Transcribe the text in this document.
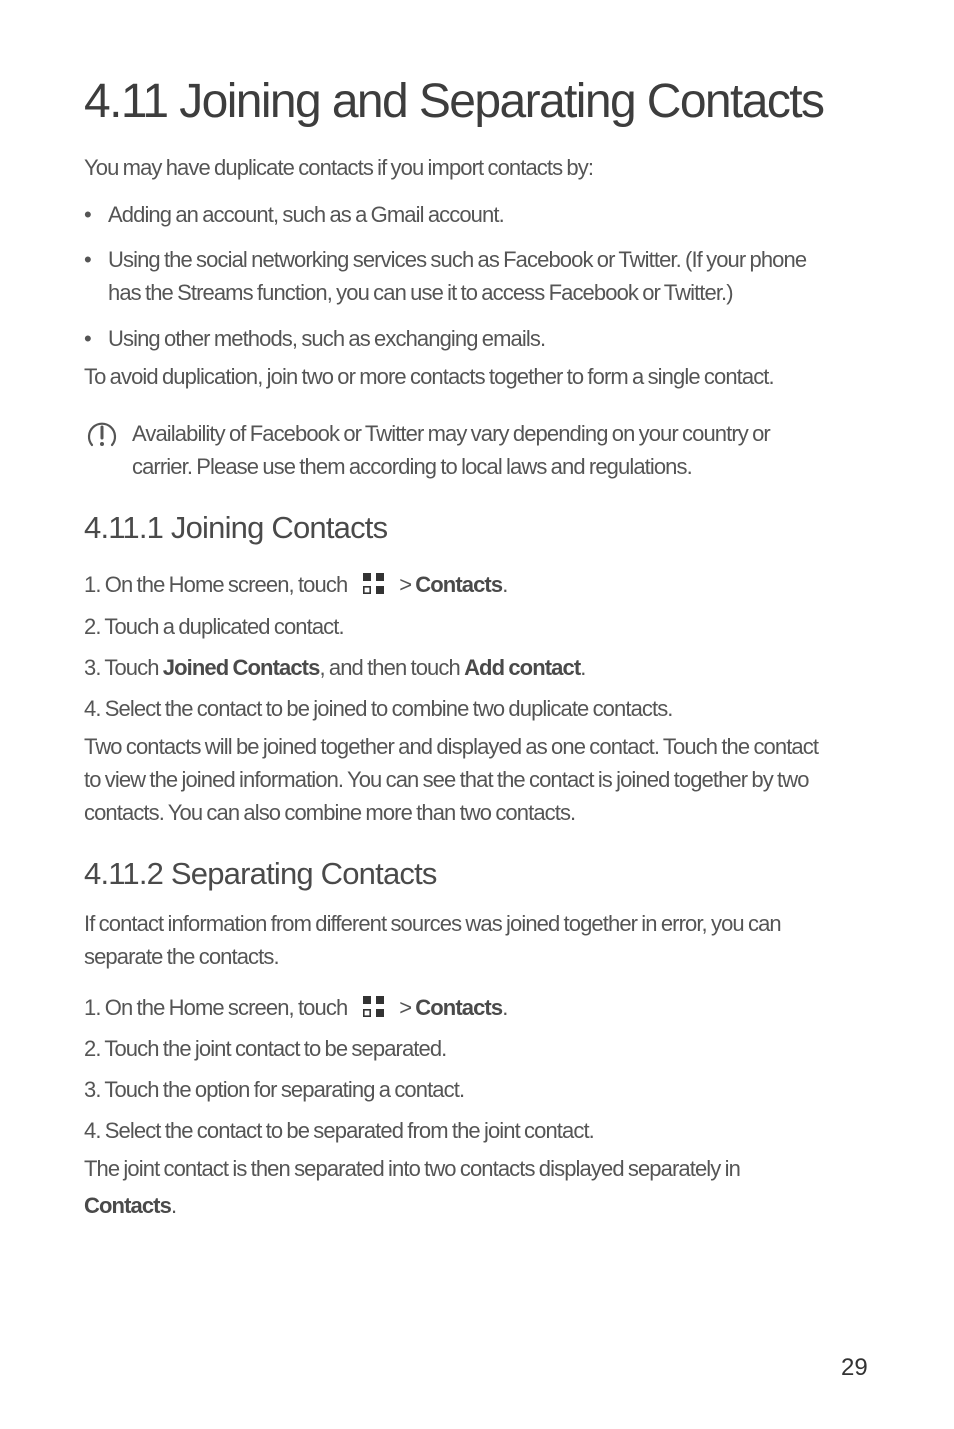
4.11 Joining and Separating Contacts
You may have duplicate contacts if you import contacts by:
• Adding an account, such as a Gmail account.
• Using the social networking services such as Facebook or Twitter. (If your phone
has the Streams function, you can use it to access Facebook or Twitter.)
• Using other methods, such as exchanging emails.
To avoid duplication, join two or more contacts together to form a single contact.
Availability of Facebook or Twitter may vary depending on your country or
carrier. Please use them according to local laws and regulations.
4.11.1 Joining Contacts
1. On the Home screen, touch > Contacts.
2. Touch a duplicated contact.
3. Touch Joined Contacts, and then touch Add contact.
4. Select the contact to be joined to combine two duplicate contacts.
Two contacts will be joined together and displayed as one contact. Touch the contact
to view the joined information. You can see that the contact is joined together by two
contacts. You can also combine more than two contacts.
4.11.2 Separating Contacts
If contact information from different sources was joined together in error, you can
separate the contacts.
1. On the Home screen, touch > Contacts.
2. Touch the joint contact to be separated.
3. Touch the option for separating a contact.
4. Select the contact to be separated from the joint contact.
The joint contact is then separated into two contacts displayed separately in
Contacts.
29
